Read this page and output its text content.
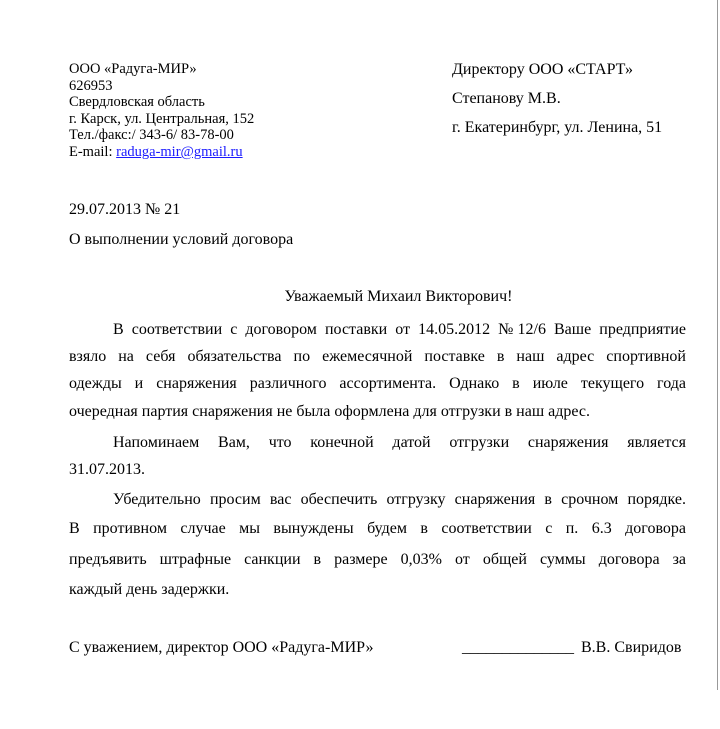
ООО «Радуга-МИР»
626953
Свердловская область
г. Карск, ул. Центральная, 152
Тел./факс:/ 343-6/ 83-78-00
E-mail: raduga-mir@gmail.ru
Директору ООО «СТАРТ»
Степанову М.В.
г. Екатеринбург, ул. Ленина, 51
29.07.2013 № 21
О выполнении условий договора
Уважаемый Михаил Викторович!
В соответствии с договором поставки от 14.05.2012 №12/6 Ваше предприятие
взяло на себя обязательства по ежемесячной поставке в наш адрес спортивной
одежды и снаряжения различного ассортимента. Однако в июле текущего года
очередная партия снаряжения не была оформлена для отгрузки в наш адрес.
Напоминаем Вам, что конечной датой отгрузки снаряжения является
31.07.2013.
Убедительно просим вас обеспечить отгрузку снаряжения в срочном порядке.
В противном случае мы вынуждены будем в соответствии с п. 6.3 договора
предъявить штрафные санкции в размере 0,03% от общей суммы договора за
каждый день задержки.
С уважением, директор ООО «Радуга-МИР»	______________ В.В. Свиридов
